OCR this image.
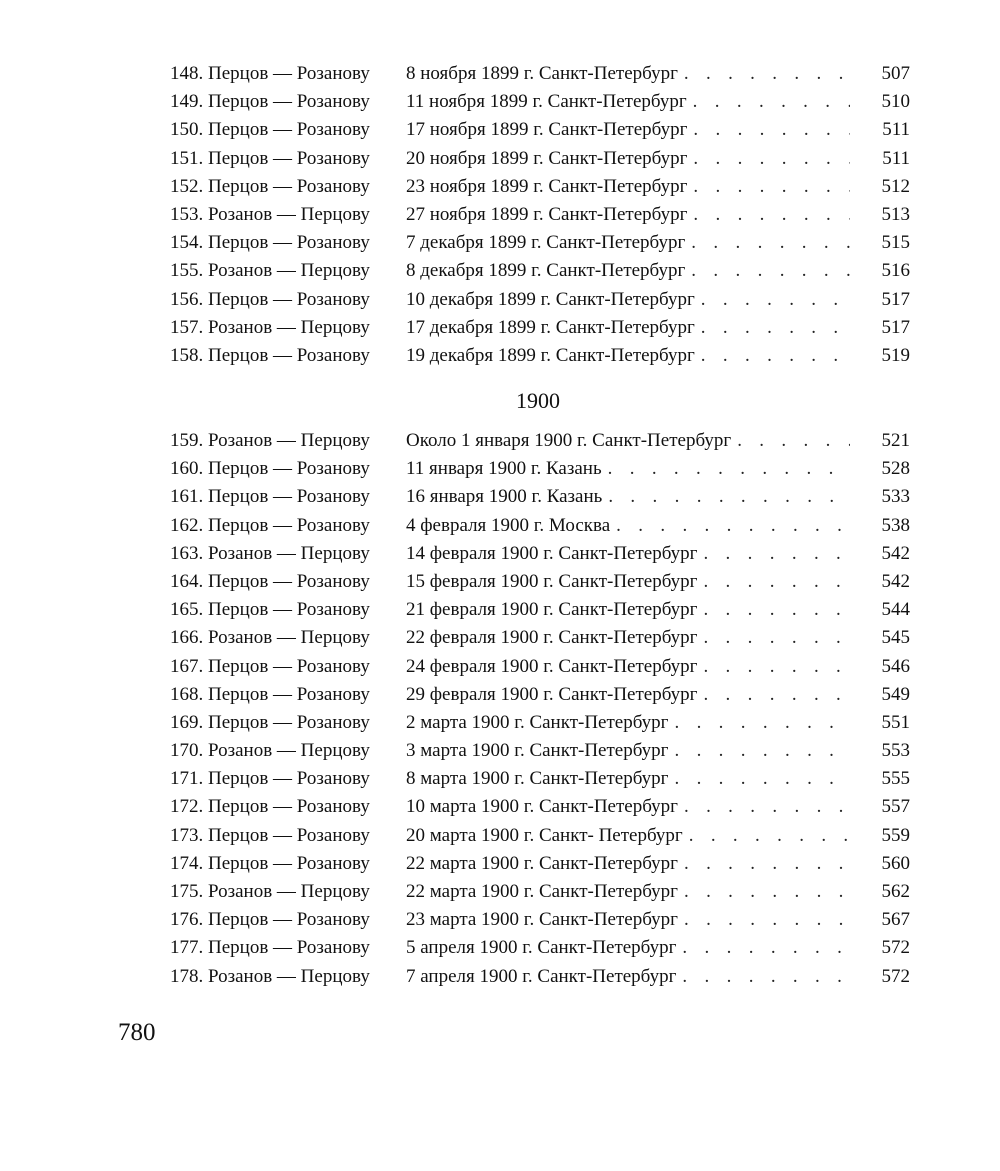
148. Перцов — Розанову	8 ноября 1899 г. Санкт-Петербург . . .	507
149. Перцов — Розанову	11 ноября 1899 г. Санкт-Петербург . . .	510
150. Перцов — Розанову	17 ноября 1899 г. Санкт-Петербург . . .	511
151. Перцов — Розанову	20 ноября 1899 г. Санкт-Петербург . . .	511
152. Перцов — Розанову	23 ноября 1899 г. Санкт-Петербург . . .	512
153. Розанов — Перцову	27 ноября 1899 г. Санкт-Петербург . . .	513
154. Перцов — Розанову	7 декабря 1899 г. Санкт-Петербург . . .	515
155. Розанов — Перцову	8 декабря 1899 г. Санкт-Петербург . . .	516
156. Перцов — Розанову	10 декабря 1899 г. Санкт-Петербург . . .	517
157. Розанов — Перцову	17 декабря 1899 г. Санкт-Петербург . . .	517
158. Перцов — Розанову	19 декабря 1899 г. Санкт-Петербург . . .	519
1900
159. Розанов — Перцову	Около 1 января 1900 г. Санкт-Петербург . . .	521
160. Перцов — Розанову	11 января 1900 г. Казань . . .	528
161. Перцов — Розанову	16 января 1900 г. Казань . . .	533
162. Перцов — Розанову	4 февраля 1900 г. Москва . . .	538
163. Розанов — Перцову	14 февраля 1900 г. Санкт-Петербург . . .	542
164. Перцов — Розанову	15 февраля 1900 г. Санкт-Петербург . . .	542
165. Перцов — Розанову	21 февраля 1900 г. Санкт-Петербург . . .	544
166. Розанов — Перцову	22 февраля 1900 г. Санкт-Петербург . . .	545
167. Перцов — Розанову	24 февраля 1900 г. Санкт-Петербург . . .	546
168. Перцов — Розанову	29 февраля 1900 г. Санкт-Петербург . . .	549
169. Перцов — Розанову	2 марта 1900 г. Санкт-Петербург . . .	551
170. Розанов — Перцову	3 марта 1900 г. Санкт-Петербург . . .	553
171. Перцов — Розанову	8 марта 1900 г. Санкт-Петербург . . .	555
172. Перцов — Розанову	10 марта 1900 г. Санкт-Петербург . . .	557
173. Перцов — Розанову	20 марта 1900 г. Санкт- Петербург . . .	559
174. Перцов — Розанову	22 марта 1900 г. Санкт-Петербург . . .	560
175. Розанов — Перцову	22 марта 1900 г. Санкт-Петербург . . .	562
176. Перцов — Розанову	23 марта 1900 г. Санкт-Петербург . . .	567
177. Перцов — Розанову	5 апреля 1900 г. Санкт-Петербург . . .	572
178. Розанов — Перцову	7 апреля 1900 г. Санкт-Петербург . . .	572
780
